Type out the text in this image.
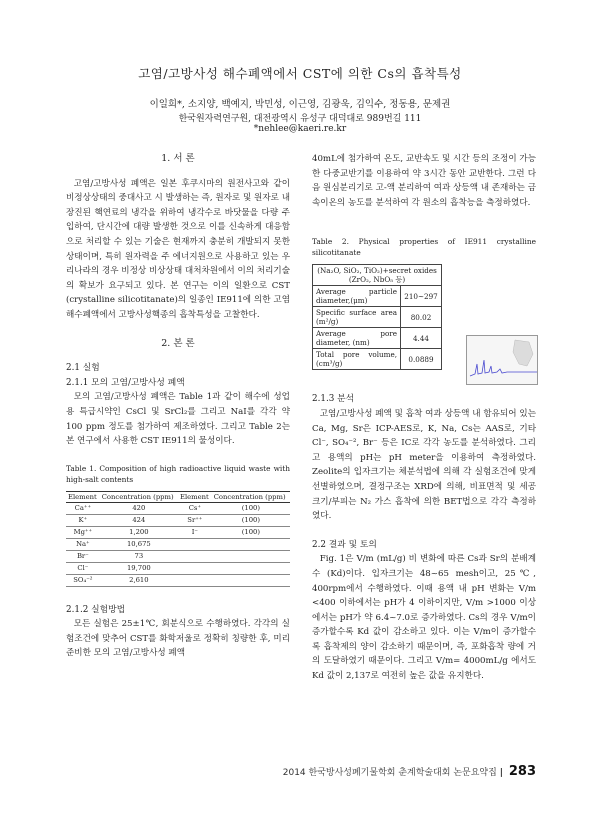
고염/고방사성 해수폐액에서 CST에 의한 Cs의 흡착특성
이일희*, 소지양, 백예지, 박민성, 이근영, 김광욱, 김익수, 정동용, 문제권
한국원자력연구원, 대전광역시 유성구 대덕대로 989번길 111
*nehlee@kaeri.re.kr
1. 서 론

고염/고방사성 폐액은 일본 후쿠시마의 원전사고와 같이 비정상상태의 중대사고 시 발생하는 즉, 원자로 및 원자로 내 장진된 핵연료의 냉각을 위하여 냉각수로 바닷물을 다량 주입하여, 단시간에 대량 발생한 것으로 이를 신속하게 대응함으로 처리할 수 있는 기술은 현재까지 충분히 개발되지 못한 상태이며, 특히 원자력을 주 에너지원으로 사용하고 있는 우리나라의 경우 비정상 비상상태 대처차원에서 이의 처리기술의 확보가 요구되고 있다. 본 연구는 이의 일환으로 CST (crystalline silicotitanate)의 일종인 IE911에 의한 고염 해수폐액에서 고방사성핵종의 흡착특성을 고찰한다.

2. 본 론
2.1 실험
2.1.1 모의 고염/고방사성 폐액

모의 고염/고방사성 폐액은 Table 1과 같이 해수에 성업용 특급시약인 CsCl 및 SrCl₂를 그리고 NaI를 각각 약 100 ppm 정도를 첨가하여 제조하였다. 그리고 Table 2는 본 연구에서 사용한 CST IE911의 물성이다.

Table 1. Composition of high radioactive liquid waste with high-salt contents
Element	Concentration (ppm)	Element	Concentration (ppm)
Ca⁺⁺	420	Cs⁺	(100)
K⁺	424	Sr⁺⁺	(100)
Mg⁺⁺	1,200	I⁻	(100)
Na⁺	10,675		
Br⁻	73		
Cl⁻	19,700		
SO₄⁻²	2,610		
2.1.2 실험방법

모든 실험은 25±1℃, 회분식으로 수행하였다. 각각의 실험조건에 맞추어 CST를 화학저울로 정확히 칭량한 후, 미리 준비한 모의 고염/고방사성 폐액

40mL에 첨가하여 온도, 교반속도 및 시간 등의 조정이 가능한 다중교반기를 이용하여 약 3시간 동안 교반한다. 그런 다음 원심분리기로 고-액 분리하여 여과 상등액 내 존재하는 금속이온의 농도를 분석하여 각 원소의 흡착능을 측정하였다.
Table 2. Physical properties of IE911 crystalline silicotitanate
(Na₂O, SiO₂, TiO₂)+secret oxides (ZrO₂, NbO₅ 등)	
Average particle diameter,(μm)	210~297
Specific surface area (m²/g)	80.02
Average pore diameter, (nm)	4.44
Total pore volume, (cm³/g)	0.0889
2.1.3 분석

고염/고방사성 폐액 및 흡착 여과 상등액 내 함유되어 있는 Ca, Mg, Sr은 ICP-AES로, K, Na, Cs는 AAS로, 기타 Cl⁻, SO₄⁻², Br⁻ 등은 IC로 각각 농도를 분석하였다. 그리고 용액의 pH는 pH meter을 이용하여 측정하였다. Zeolite의 입자크기는 체분석법에 의해 각 실험조건에 맞게 선별하였으며, 결정구조는 XRD에 의해, 비표면적 및 세공 크기/부피는 N₂ 가스 흡착에 의한 BET법으로 각각 측정하였다.

2.2 결과 및 토의

Fig. 1은 V/m (mL/g) 비 변화에 따른 Cs과 Sr의 분배계수 (Kd)이다. 입자크기는 48~65 mesh이고, 25℃, 400rpm에서 수행하였다. 이때 용액 내 pH 변화는 V/m <400 이하에서는 pH가 4 이하이지만, V/m >1000 이상에서는 pH가 약 6.4~7.0로 증가하였다. Cs의 경우 V/m이 증가할수록 Kd 값이 감소하고 있다. 이는 V/m이 증가할수록 흡착제의 양이 감소하기 때문이며, 즉, 포화흡착 량에 거의 도달하였기 때문이다. 그리고 V/m= 4000mL/g 에서도 Kd 값이 2,137로 여전히 높은 값을 유지한다.

2014 한국방사성폐기물학회 춘계학술대회 논문요약집 | 283
